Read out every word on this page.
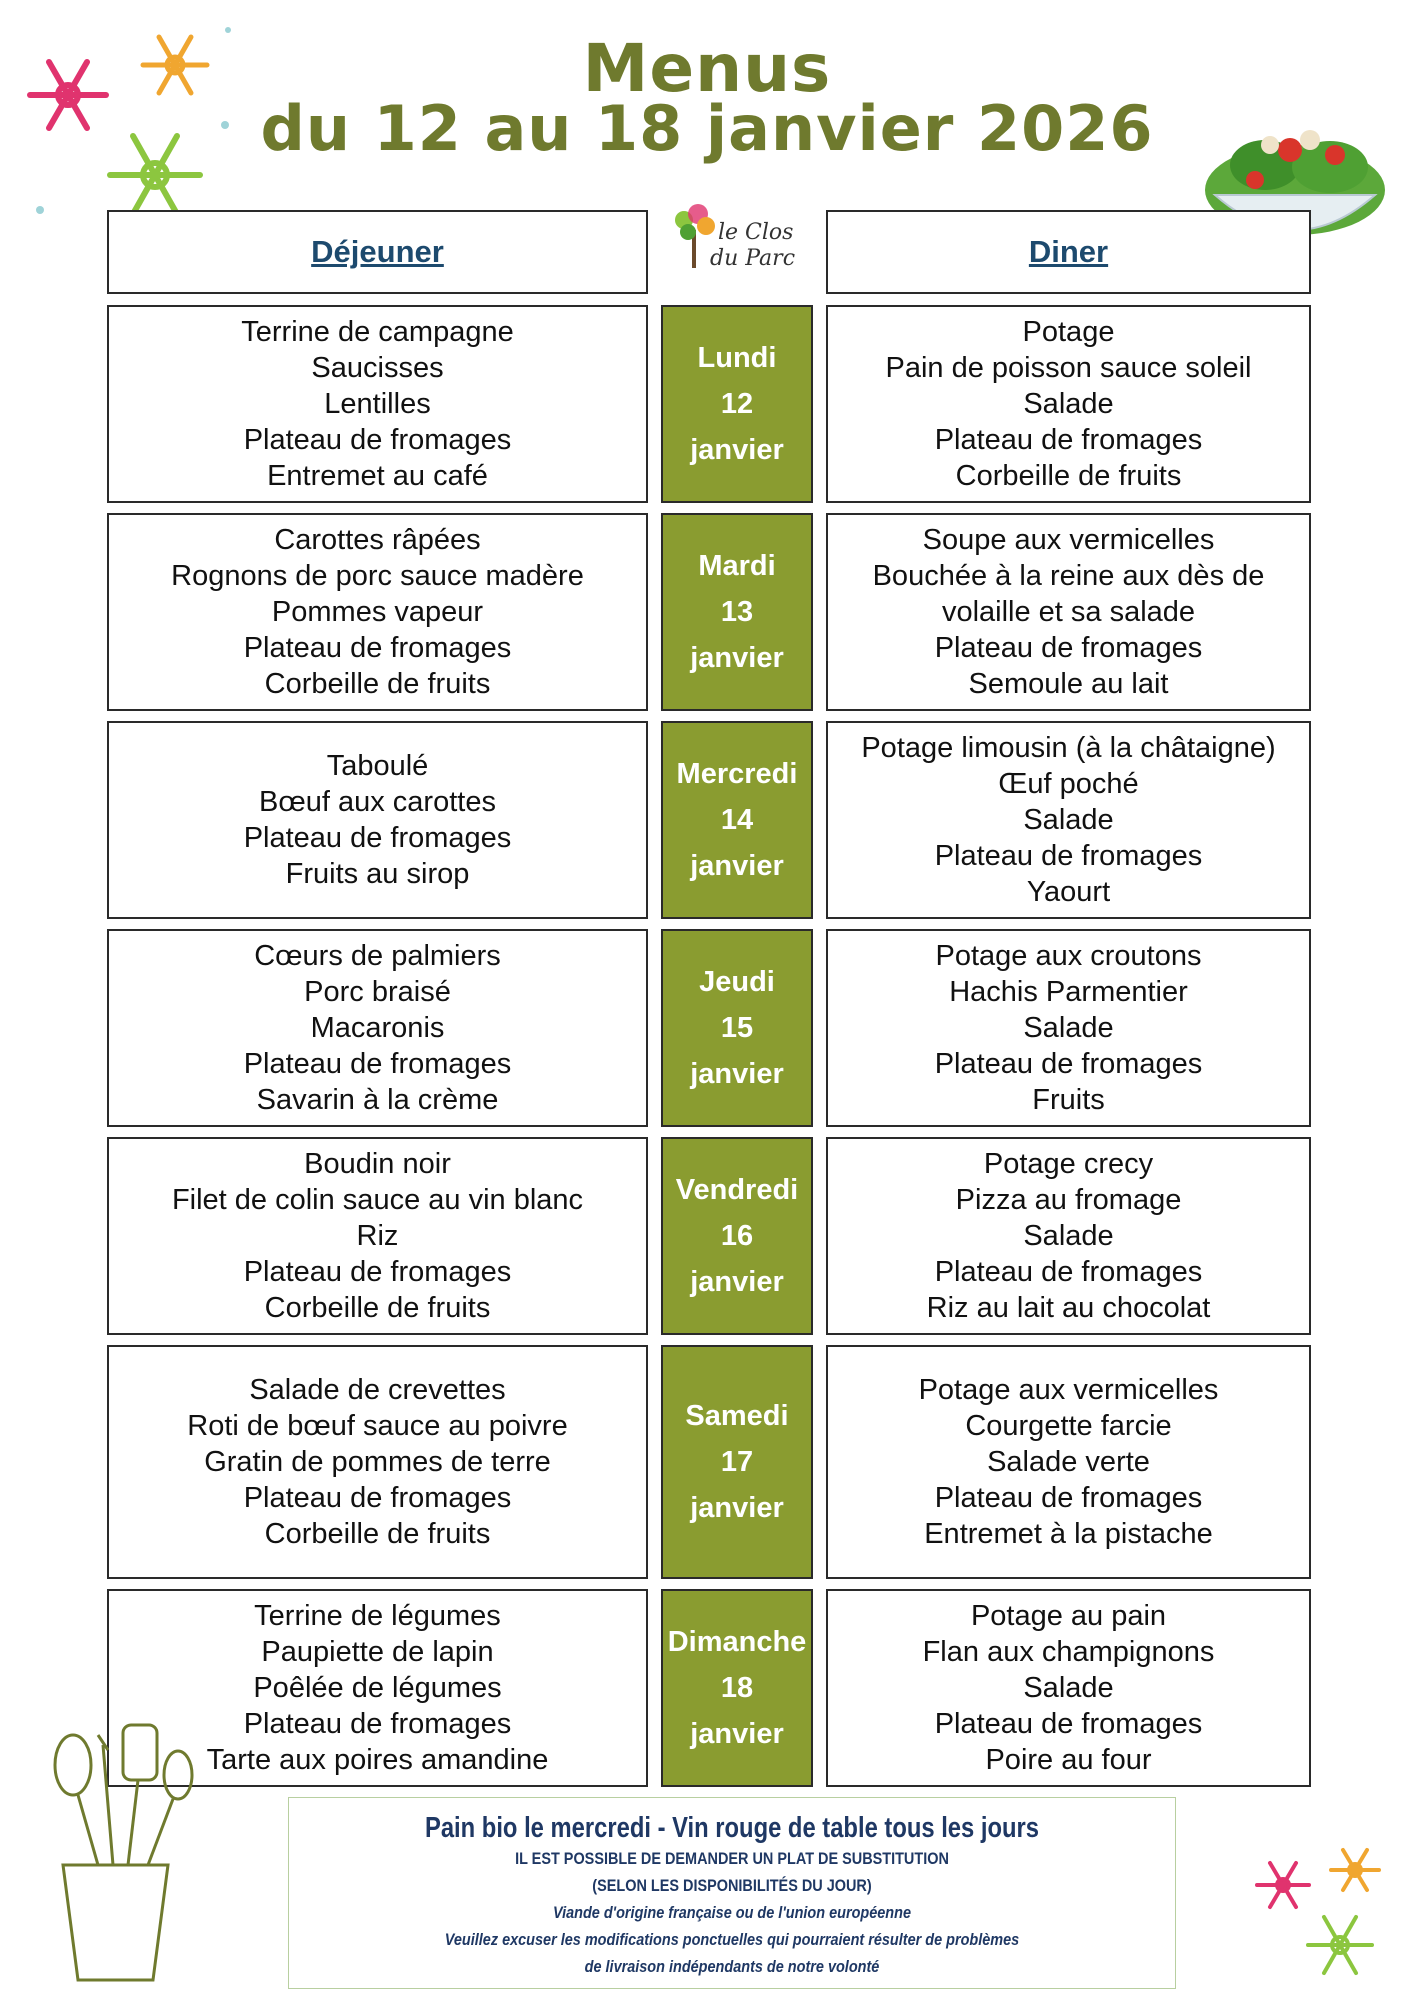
Menus
du 12 au 18 janvier 2026
Déjeuner	Diner
le Clos
du Parc
Terrine de campagne
Saucisses
Lentilles
Plateau de fromages
Entremet au café
Lundi
12
janvier
Potage
Pain de poisson sauce soleil
Salade
Plateau de fromages
Corbeille de fruits
Carottes râpées
Rognons de porc sauce madère
Pommes vapeur
Plateau de fromages
Corbeille de fruits
Mardi
13
janvier
Soupe aux vermicelles
Bouchée à la reine aux dès de
volaille et sa salade
Plateau de fromages
Semoule au lait
Taboulé
Bœuf aux carottes
Plateau de fromages
Fruits au sirop
Mercredi
14
janvier
Potage limousin (à la châtaigne)
Œuf poché
Salade
Plateau de fromages
Yaourt
Cœurs de palmiers
Porc braisé
Macaronis
Plateau de fromages
Savarin à la crème
Jeudi
15
janvier
Potage aux croutons
Hachis Parmentier
Salade
Plateau de fromages
Fruits
Boudin noir
Filet de colin sauce au vin blanc
Riz
Plateau de fromages
Corbeille de fruits
Vendredi
16
janvier
Potage crecy
Pizza au fromage
Salade
Plateau de fromages
Riz au lait au chocolat
Salade de crevettes
Roti de bœuf sauce au poivre
Gratin de pommes de terre
Plateau de fromages
Corbeille de fruits
Samedi
17
janvier
Potage aux vermicelles
Courgette farcie
Salade verte
Plateau de fromages
Entremet à la pistache
Terrine de légumes
Paupiette de lapin
Poêlée de légumes
Plateau de fromages
Tarte aux poires amandine
Dimanche
18
janvier
Potage au pain
Flan aux champignons
Salade
Plateau de fromages
Poire au four
Pain bio le mercredi - Vin rouge de table tous les jours
IL EST POSSIBLE DE DEMANDER UN PLAT DE SUBSTITUTION
(SELON LES DISPONIBILITÉS DU JOUR)
Viande d'origine française ou de l'union européenne
Veuillez excuser les modifications ponctuelles qui pourraient résulter de problèmes
de livraison indépendants de notre volonté
